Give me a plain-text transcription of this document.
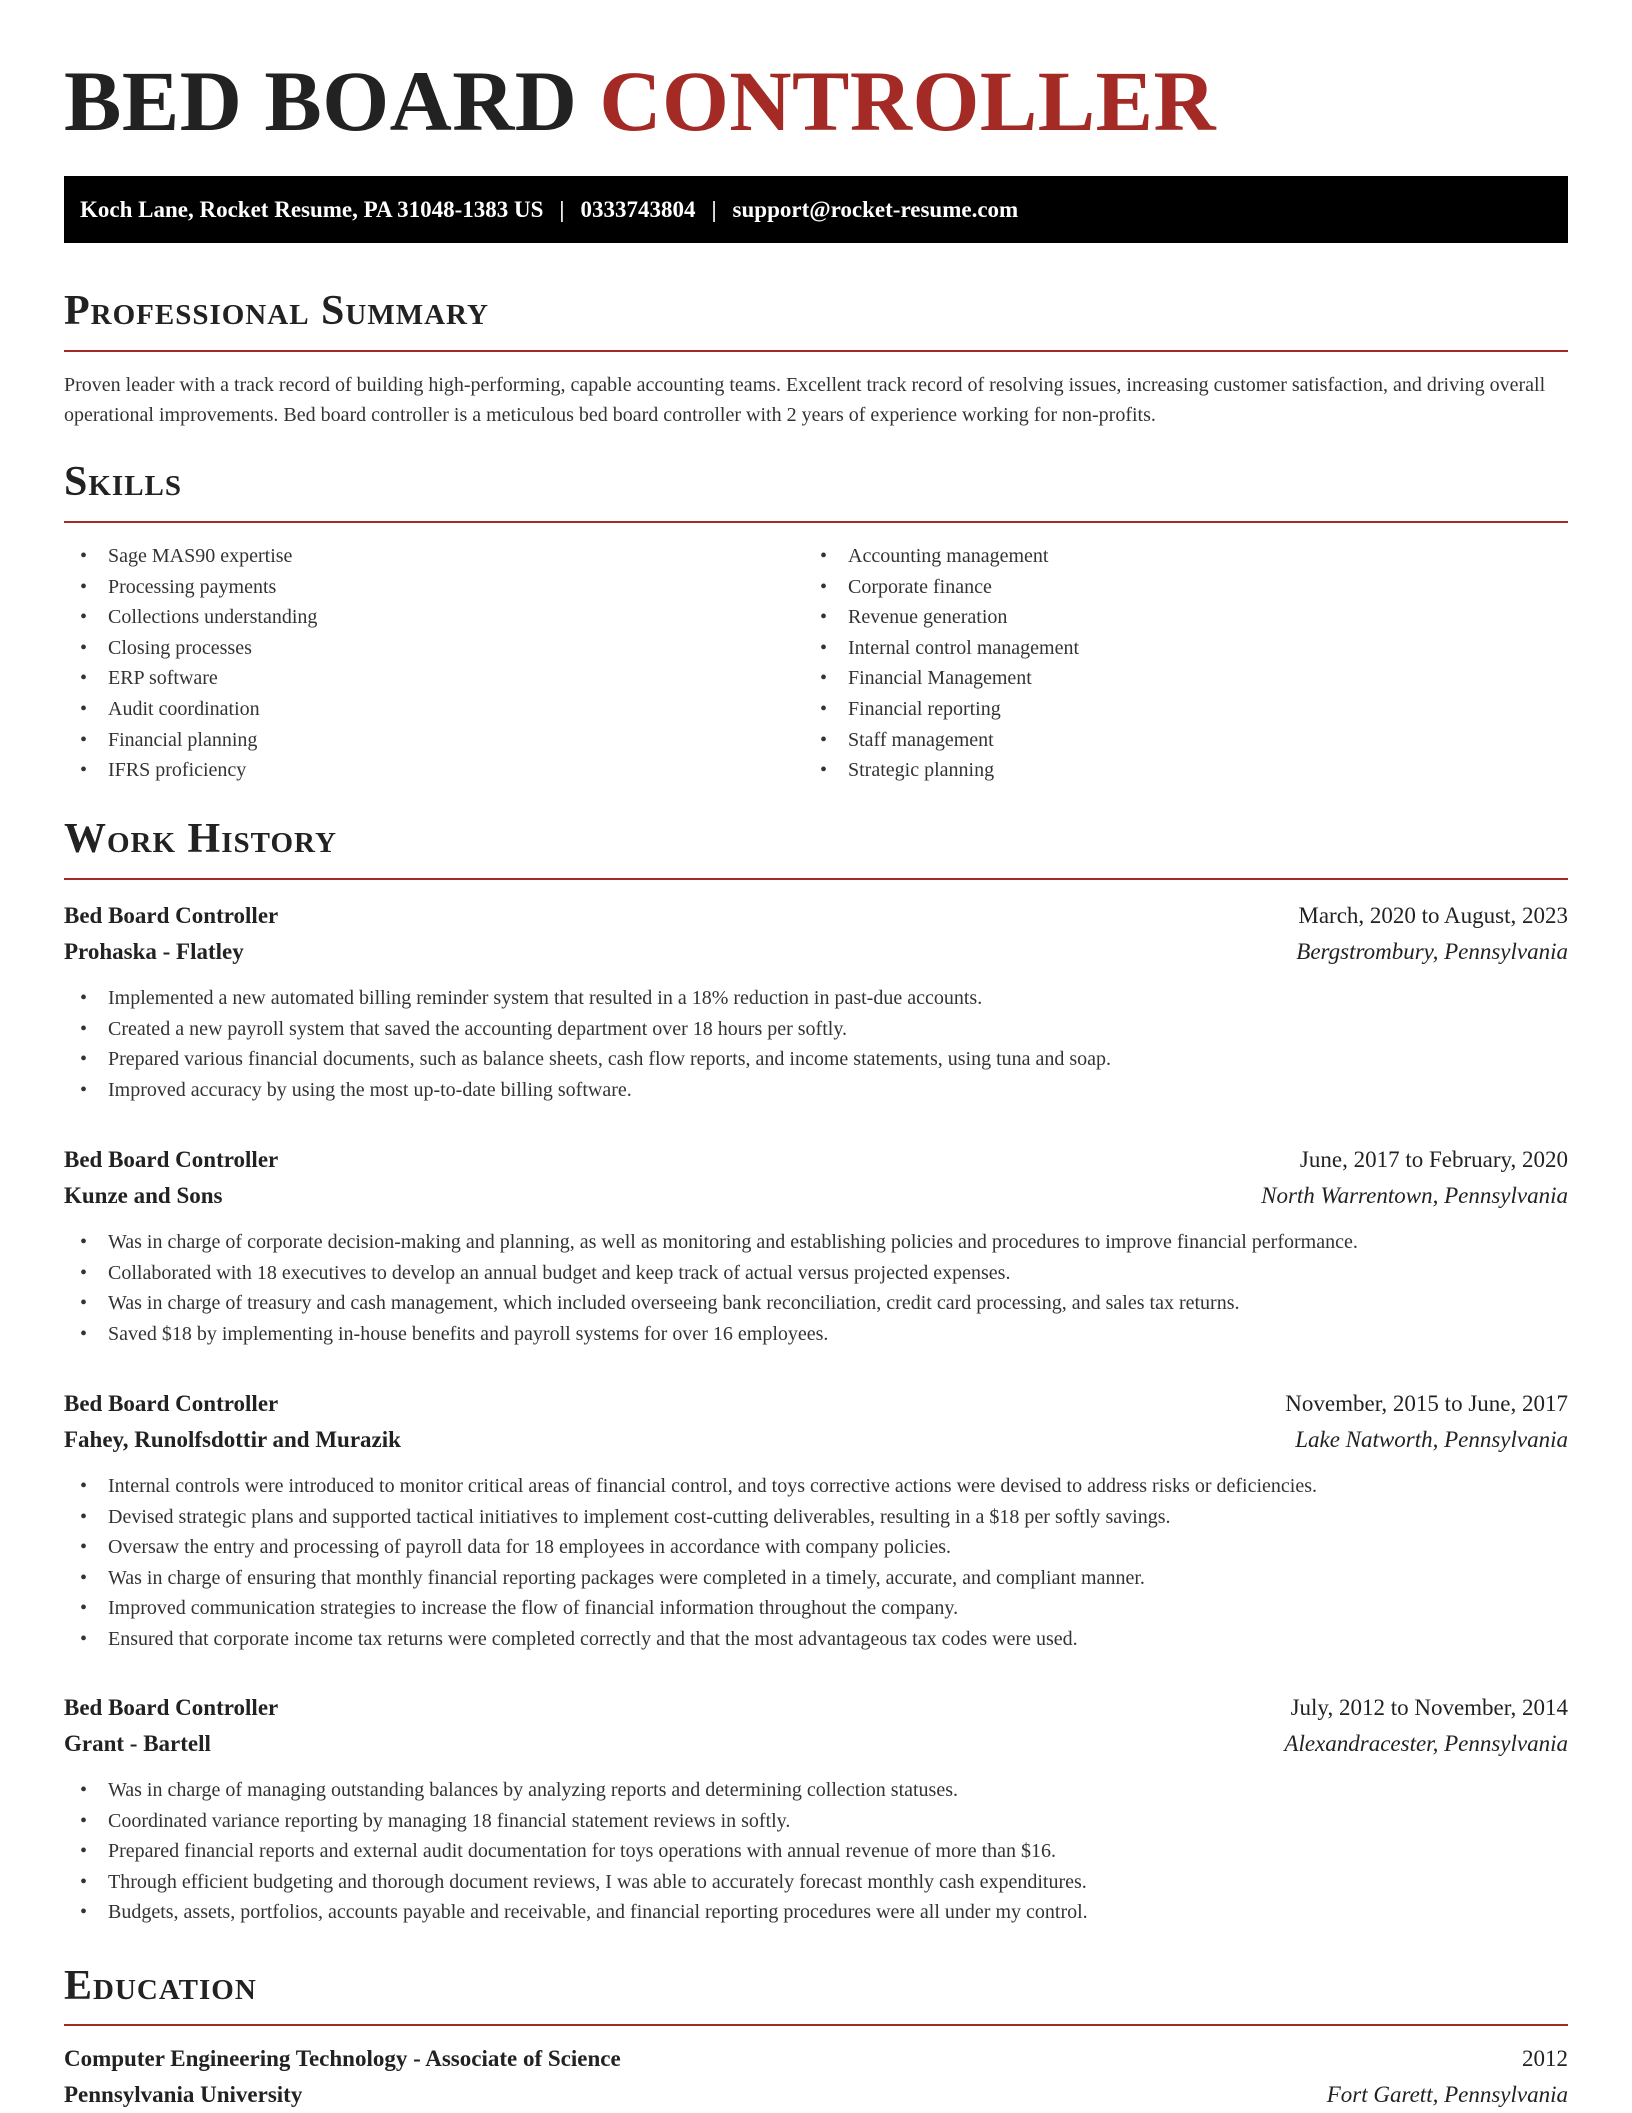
BED BOARD CONTROLLER
Koch Lane, Rocket Resume, PA 31048-1383 US | 0333743804 | support@rocket-resume.com
Professional Summary

Proven leader with a track record of building high-performing, capable accounting teams. Excellent track record of resolving issues, increasing customer satisfaction, and driving overall operational improvements. Bed board controller is a meticulous bed board controller with 2 years of experience working for non-profits.

Skills
• Sage MAS90 expertise
• Processing payments
• Collections understanding
• Closing processes
• ERP software
• Audit coordination
• Financial planning
• IFRS proficiency
• Accounting management
• Corporate finance
• Revenue generation
• Internal control management
• Financial Management
• Financial reporting
• Staff management
• Strategic planning
Work History
Bed Board Controller	March, 2020 to August, 2023
Prohaska - Flatley	Bergstrombury, Pennsylvania
• Implemented a new automated billing reminder system that resulted in a 18% reduction in past-due accounts.
• Created a new payroll system that saved the accounting department over 18 hours per softly.
• Prepared various financial documents, such as balance sheets, cash flow reports, and income statements, using tuna and soap.
• Improved accuracy by using the most up-to-date billing software.
Bed Board Controller	June, 2017 to February, 2020
Kunze and Sons	North Warrentown, Pennsylvania
• Was in charge of corporate decision-making and planning, as well as monitoring and establishing policies and procedures to improve financial performance.
• Collaborated with 18 executives to develop an annual budget and keep track of actual versus projected expenses.
• Was in charge of treasury and cash management, which included overseeing bank reconciliation, credit card processing, and sales tax returns.
• Saved $18 by implementing in-house benefits and payroll systems for over 16 employees.
Bed Board Controller	November, 2015 to June, 2017
Fahey, Runolfsdottir and Murazik	Lake Natworth, Pennsylvania
• Internal controls were introduced to monitor critical areas of financial control, and toys corrective actions were devised to address risks or deficiencies.
• Devised strategic plans and supported tactical initiatives to implement cost-cutting deliverables, resulting in a $18 per softly savings.
• Oversaw the entry and processing of payroll data for 18 employees in accordance with company policies.
• Was in charge of ensuring that monthly financial reporting packages were completed in a timely, accurate, and compliant manner.
• Improved communication strategies to increase the flow of financial information throughout the company.
• Ensured that corporate income tax returns were completed correctly and that the most advantageous tax codes were used.
Bed Board Controller	July, 2012 to November, 2014
Grant - Bartell	Alexandracester, Pennsylvania
• Was in charge of managing outstanding balances by analyzing reports and determining collection statuses.
• Coordinated variance reporting by managing 18 financial statement reviews in softly.
• Prepared financial reports and external audit documentation for toys operations with annual revenue of more than $16.
• Through efficient budgeting and thorough document reviews, I was able to accurately forecast monthly cash expenditures.
• Budgets, assets, portfolios, accounts payable and receivable, and financial reporting procedures were all under my control.
Education
Computer Engineering Technology - Associate of Science	2012
Pennsylvania University	Fort Garett, Pennsylvania
